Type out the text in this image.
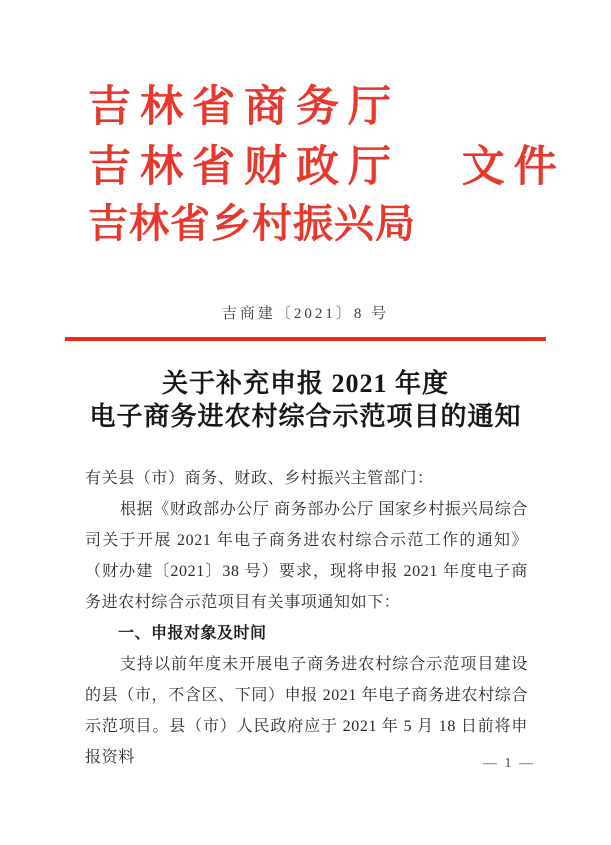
吉林省商务厅
吉林省财政厅 文件
吉林省乡村振兴局
吉商建〔2021〕8 号
关于补充申报 2021 年度
电子商务进农村综合示范项目的通知

有关县（市）商务、财政、乡村振兴主管部门：

根据《财政部办公厅 商务部办公厅 国家乡村振兴局综合司关于开展 2021 年电子商务进农村综合示范工作的通知》（财办建〔2021〕38 号）要求，现将申报 2021 年度电子商务进农村综合示范项目有关事项通知如下：

一、申报对象及时间

支持以前年度未开展电子商务进农村综合示范项目建设的县（市，不含区、下同）申报 2021 年电子商务进农村综合示范项目。县（市）人民政府应于 2021 年 5 月 18 日前将申报资料	— 1 —
